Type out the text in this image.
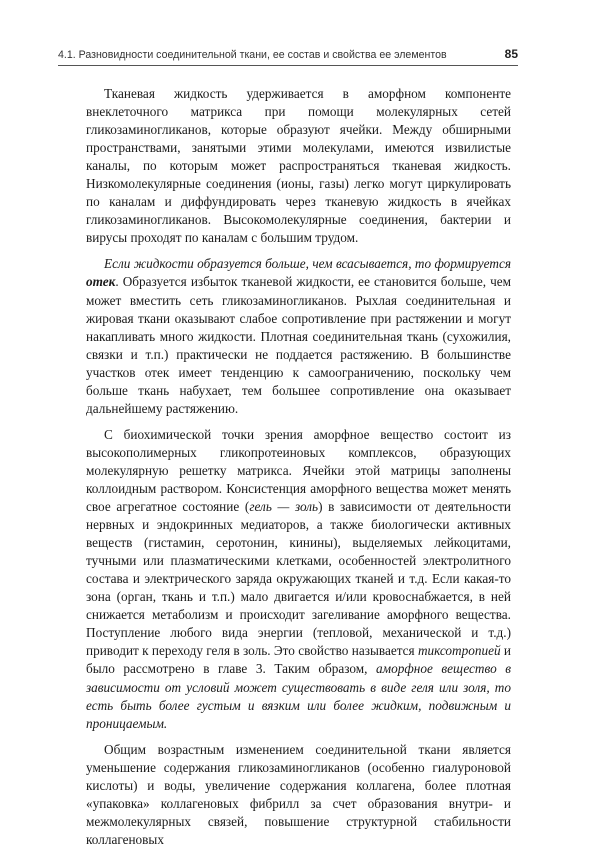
4.1. Разновидности соединительной ткани, ее состав и свойства ее элементов	85

Тканевая жидкость удерживается в аморфном компоненте внеклеточного матрикса при помощи молекулярных сетей гликозаминогликанов, которые образуют ячейки. Между обширными пространствами, занятыми этими молекулами, имеются извилистые каналы, по которым может распространяться тканевая жидкость. Низкомолекулярные соединения (ионы, газы) легко могут циркулировать по каналам и диффундировать через тканевую жидкость в ячейках гликозаминогликанов. Высокомолекулярные соединения, бактерии и вирусы проходят по каналам с большим трудом.

Если жидкости образуется больше, чем всасывается, то формируется отек. Образуется избыток тканевой жидкости, ее становится больше, чем может вместить сеть гликозаминогликанов. Рыхлая соединительная и жировая ткани оказывают слабое сопротивление при растяжении и могут накапливать много жидкости. Плотная соединительная ткань (сухожилия, связки и т.п.) практически не поддается растяжению. В большинстве участков отек имеет тенденцию к самоограничению, поскольку чем больше ткань набухает, тем большее сопротивление она оказывает дальнейшему растяжению.

С биохимической точки зрения аморфное вещество состоит из высокополимерных гликопротеиновых комплексов, образующих молекулярную решетку матрикса. Ячейки этой матрицы заполнены коллоидным раствором. Консистенция аморфного вещества может менять свое агрегатное состояние (гель — золь) в зависимости от деятельности нервных и эндокринных медиаторов, а также биологически активных веществ (гистамин, серотонин, кинины), выделяемых лейкоцитами, тучными или плазматическими клетками, особенностей электролитного состава и электрического заряда окружающих тканей и т.д. Если какая-то зона (орган, ткань и т.п.) мало двигается и/или кровоснабжается, в ней снижается метаболизм и происходит загеливание аморфного вещества. Поступление любого вида энергии (тепловой, механической и т.д.) приводит к переходу геля в золь. Это свойство называется тиксотропией и было рассмотрено в главе 3. Таким образом, аморфное вещество в зависимости от условий может существовать в виде геля или золя, то есть быть более густым и вязким или более жидким, подвижным и проницаемым.

Общим возрастным изменением соединительной ткани является уменьшение содержания гликозаминогликанов (особенно гиалуроновой кислоты) и воды, увеличение содержания коллагена, более плотная «упаковка» коллагеновых фибрилл за счет образования внутри- и межмолекулярных связей, повышение структурной стабильности коллагеновых
